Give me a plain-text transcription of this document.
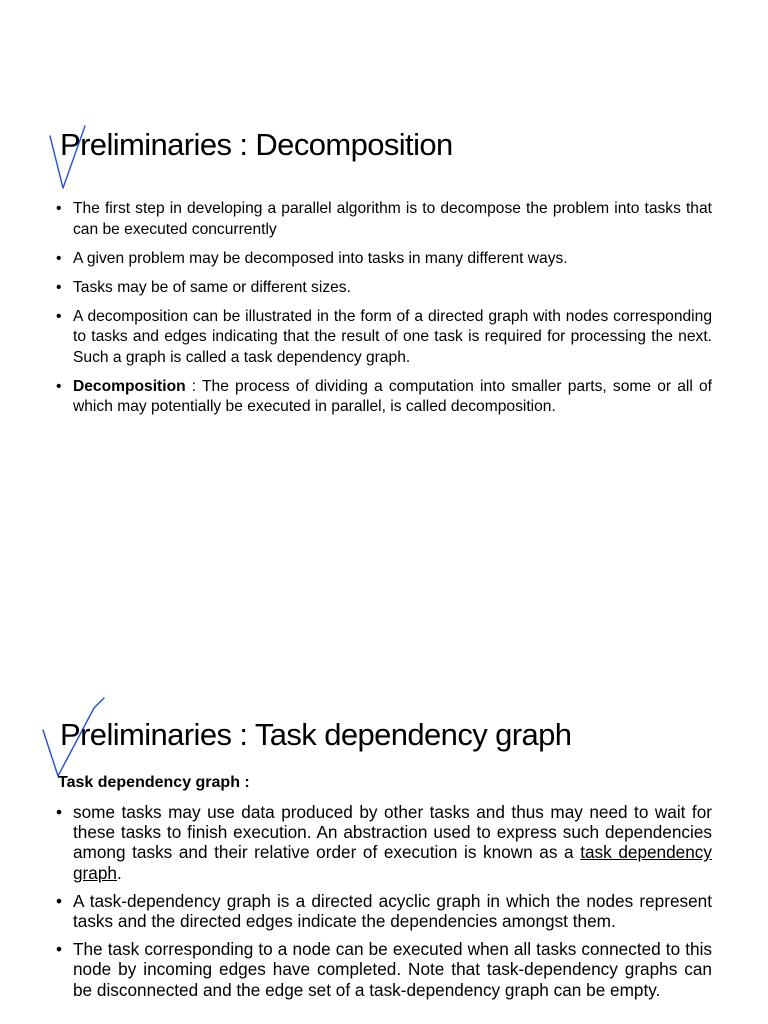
Preliminaries : Decomposition
• The first step in developing a parallel algorithm is to decompose the problem into tasks that can be executed concurrently
• A given problem may be decomposed into tasks in many different ways.
• Tasks may be of same or different sizes.
• A decomposition can be illustrated in the form of a directed graph with nodes corresponding to tasks and edges indicating that the result of one task is required for processing the next. Such a graph is called a task dependency graph.
• Decomposition : The process of dividing a computation into smaller parts, some or all of which may potentially be executed in parallel, is called decomposition.
Preliminaries : Task dependency graph
Task dependency graph :
• some tasks may use data produced by other tasks and thus may need to wait for these tasks to finish execution. An abstraction used to express such dependencies among tasks and their relative order of execution is known as a task dependency graph.
• A task-dependency graph is a directed acyclic graph in which the nodes represent tasks and the directed edges indicate the dependencies amongst them.
• The task corresponding to a node can be executed when all tasks connected to this node by incoming edges have completed. Note that task-dependency graphs can be disconnected and the edge set of a task-dependency graph can be empty.
